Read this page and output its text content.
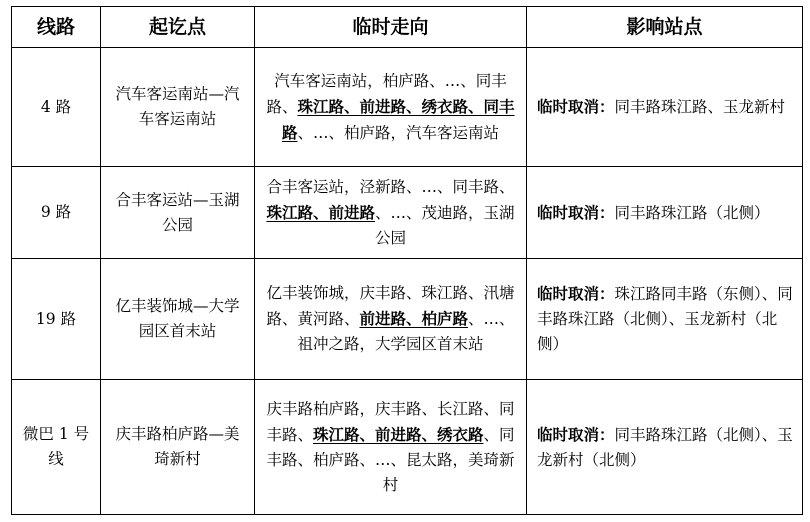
线路	起讫点	临时走向	影响站点
4 路	汽车客运南站—汽车客运南站	汽车客运南站，柏庐路、…、同丰路、珠江路、前进路、绣衣路、同丰路、…、柏庐路，汽车客运南站	临时取消：同丰路珠江路、玉龙新村
9 路	合丰客运站—玉湖公园	合丰客运站，泾新路、…、同丰路、珠江路、前进路、…、茂迪路，玉湖公园	临时取消：同丰路珠江路（北侧）
19 路	亿丰装饰城—大学园区首末站	亿丰装饰城，庆丰路、珠江路、汛塘路、黄河路、前进路、柏庐路、…、祖冲之路，大学园区首末站	临时取消：珠江路同丰路（东侧）、同丰路珠江路（北侧）、玉龙新村（北侧）
微巴 1 号线	庆丰路柏庐路—美琦新村	庆丰路柏庐路，庆丰路、长江路、同丰路、珠江路、前进路、绣衣路、同丰路、柏庐路、…、昆太路，美琦新村	临时取消：同丰路珠江路（北侧）、玉龙新村（北侧）
